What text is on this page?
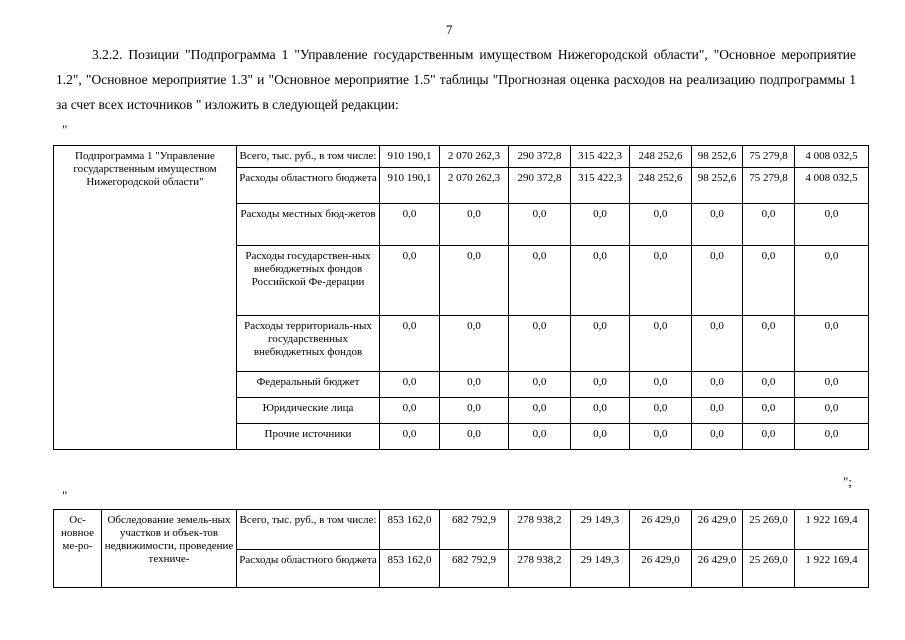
7

3.2.2. Позиции "Подпрограмма 1 "Управление государственным имуществом Нижегородской области", "Основное мероприятие 1.2", "Основное мероприятие 1.3" и "Основное мероприятие 1.5" таблицы "Прогнозная оценка расходов на реализацию подпрограммы 1 за счет всех источников " изложить в следующей редакции:

"
Подпрограмма 1 "Управление государственным имуществом Нижегородской области"	Всего, тыс. руб., в том числе:	910 190,1	2 070 262,3	290 372,8	315 422,3	248 252,6	98 252,6	75 279,8	4 008 032,5
	Расходы областного бюджета	910 190,1	2 070 262,3	290 372,8	315 422,3	248 252,6	98 252,6	75 279,8	4 008 032,5
	Расходы местных бюд-жетов	0,0	0,0	0,0	0,0	0,0	0,0	0,0	0,0
	Расходы государствен-ных внебюджетных фондов Российской Фе-дерации	0,0	0,0	0,0	0,0	0,0	0,0	0,0	0,0
	Расходы территориаль-ных государственных внебюджетных фондов	0,0	0,0	0,0	0,0	0,0	0,0	0,0	0,0
	Федеральный бюджет	0,0	0,0	0,0	0,0	0,0	0,0	0,0	0,0
	Юридические лица	0,0	0,0	0,0	0,0	0,0	0,0	0,0	0,0
	Прочие источники	0,0	0,0	0,0	0,0	0,0	0,0	0,0	0,0
";
"
Ос-новное ме-ро-	Обследование земель-ных участков и объек-тов недвижимости, проведение техниче-	Всего, тыс. руб., в том числе:	853 162,0	682 792,9	278 938,2	29 149,3	26 429,0	26 429,0	25 269,0	1 922 169,4
		Расходы областного бюджета	853 162,0	682 792,9	278 938,2	29 149,3	26 429,0	26 429,0	25 269,0	1 922 169,4
